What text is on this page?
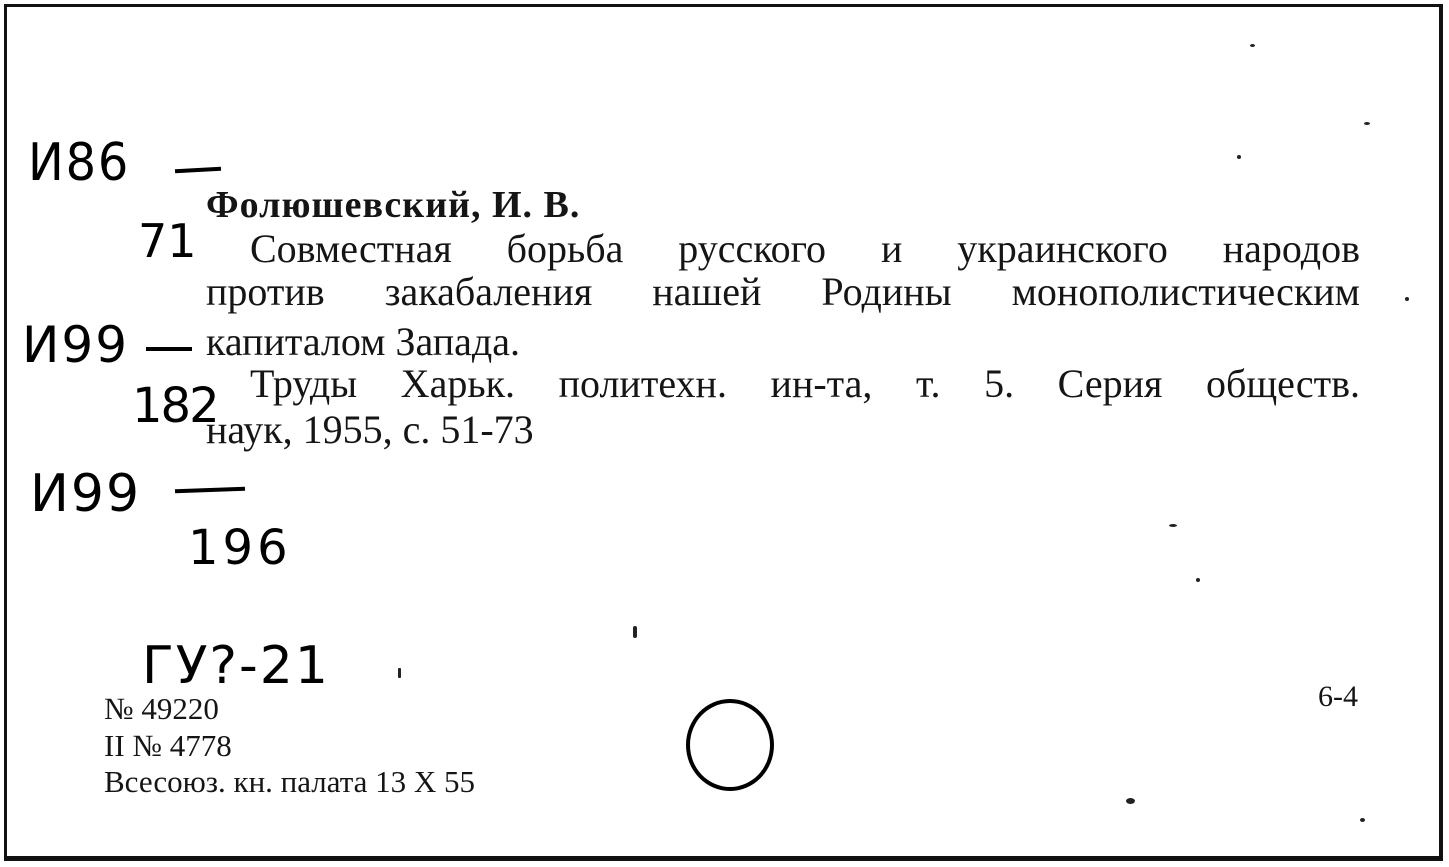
И86
71
И99
182
И99
196
ГУ?-21
Фолюшевский, И. В.
Совместная борьба русского и украинского народов
против закабаления нашей Родины монополистическим
капиталом Запада.
Труды Харьк. политехн. ин-та, т. 5. Серия обществ.
наук, 1955, с. 51-73
№ 49220
II № 4778
Всесоюз. кн. палата 13 X 55
6-4
